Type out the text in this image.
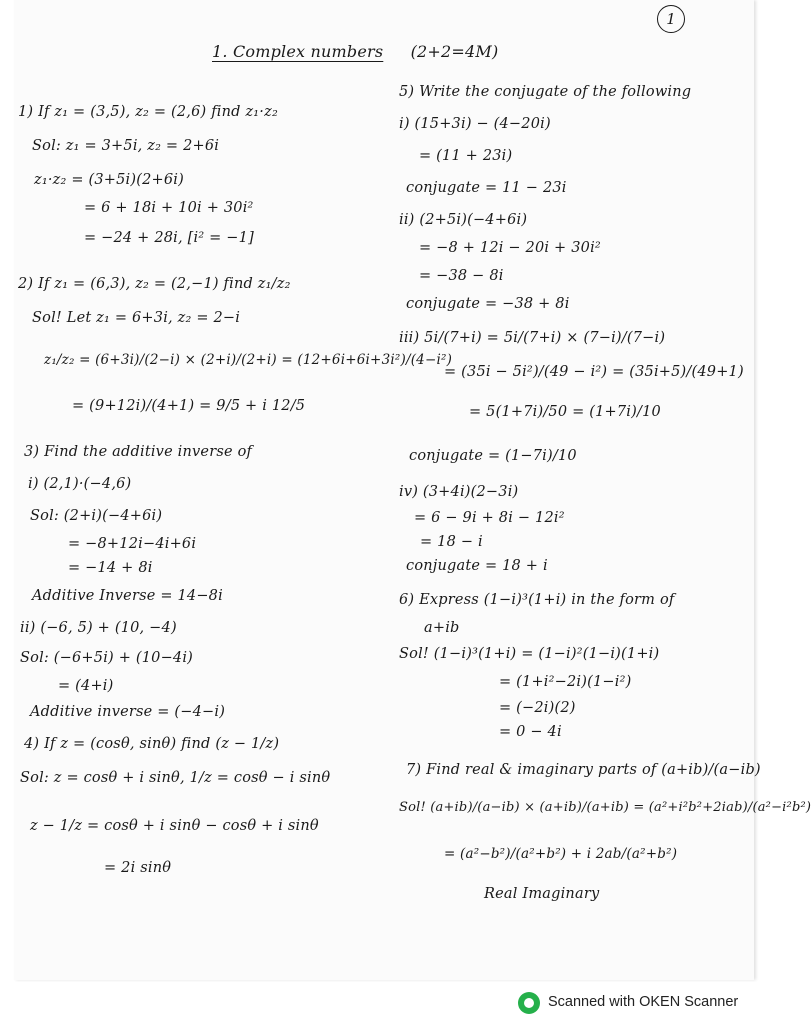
1
1. Complex numbers (2+2=4M)
1) If z₁ = (3,5), z₂ = (2,6) find z₁·z₂
Sol: z₁ = 3+5i, z₂ = 2+6i
z₁·z₂ = (3+5i)(2+6i)
= 6 + 18i + 10i + 30i²
= −24 + 28i, [i² = −1]
2) If z₁ = (6,3), z₂ = (2,−1) find z₁/z₂
Sol! Let z₁ = 6+3i, z₂ = 2−i
z₁/z₂ = (6+3i)/(2−i) × (2+i)/(2+i) = (12+6i+6i+3i²)/(4−i²)
= (9+12i)/(4+1) = 9/5 + i 12/5
3) Find the additive inverse of
i) (2,1)·(−4,6)
Sol: (2+i)(−4+6i)
= −8+12i−4i+6i
= −14 + 8i
Additive Inverse = 14−8i
ii) (−6, 5) + (10, −4)
Sol: (−6+5i) + (10−4i)
= (4+i)
Additive inverse = (−4−i)
4) If z = (cosθ, sinθ) find (z − 1/z)
Sol: z = cosθ + i sinθ, 1/z = cosθ − i sinθ
z − 1/z = cosθ + i sinθ − cosθ + i sinθ
= 2i sinθ
5) Write the conjugate of the following
i) (15+3i) − (4−20i)
= (11 + 23i)
conjugate = 11 − 23i
ii) (2+5i)(−4+6i)
= −8 + 12i − 20i + 30i²
= −38 − 8i
conjugate = −38 + 8i
iii) 5i/(7+i) = 5i/(7+i) × (7−i)/(7−i)
= (35i − 5i²)/(49 − i²) = (35i+5)/(49+1)
= 5(1+7i)/50 = (1+7i)/10
conjugate = (1−7i)/10
iv) (3+4i)(2−3i)
= 6 − 9i + 8i − 12i²
= 18 − i
conjugate = 18 + i
6) Express (1−i)³(1+i) in the form of
a+ib
Sol! (1−i)³(1+i) = (1−i)²(1−i)(1+i)
= (1+i²−2i)(1−i²)
= (−2i)(2)
= 0 − 4i
7) Find real & imaginary parts of (a+ib)/(a−ib)
Sol! (a+ib)/(a−ib) × (a+ib)/(a+ib) = (a²+i²b²+2iab)/(a²−i²b²)
= (a²−b²)/(a²+b²) + i 2ab/(a²+b²)
Real Imaginary
Scanned with OKEN Scanner
